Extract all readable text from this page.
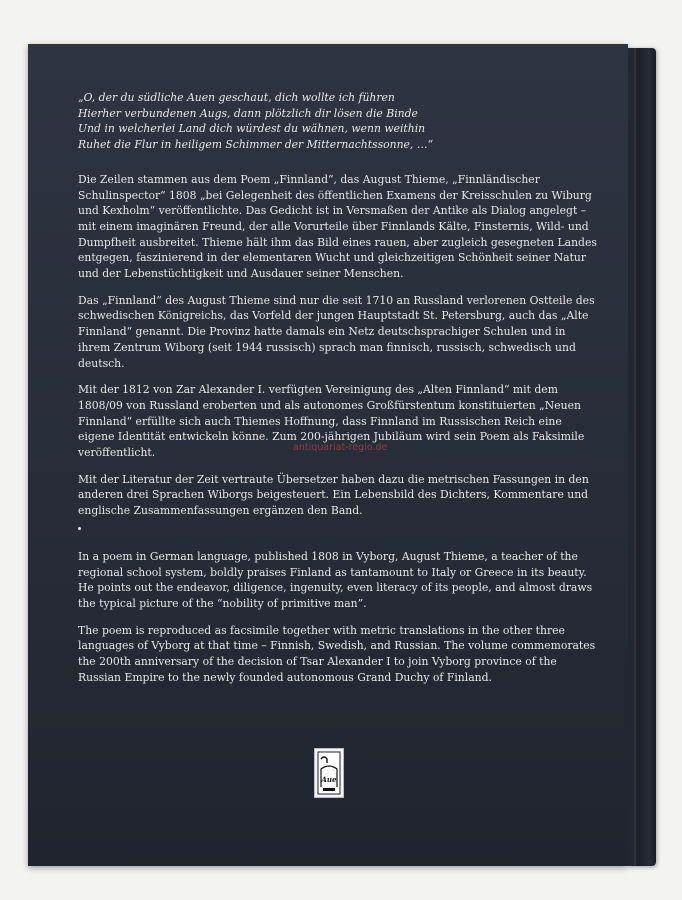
„O, der du südliche Auen geschaut, dich wollte ich führen
Hierher verbundenen Augs, dann plötzlich dir lösen die Binde
Und in welcherlei Land dich würdest du wähnen, wenn weithin
Ruhet die Flur in heiligem Schimmer der Mitternachtssonne, …“

Die Zeilen stammen aus dem Poem „Finnland“, das August Thieme, „Finnländischer Schulinspector“ 1808 „bei Gelegenheit des öffentlichen Examens der Kreisschulen zu Wiburg und Kexholm“ veröffentlichte. Das Gedicht ist in Versmaßen der Antike als Dialog angelegt – mit einem imaginären Freund, der alle Vorurteile über Finnlands Kälte, Finsternis, Wild- und Dumpfheit ausbreitet. Thieme hält ihm das Bild eines rauen, aber zugleich gesegneten Landes entgegen, faszinierend in der elementaren Wucht und gleichzeitigen Schönheit seiner Natur und der Lebenstüchtigkeit und Ausdauer seiner Menschen.

Das „Finnland“ des August Thieme sind nur die seit 1710 an Russland verlorenen Ostteile des schwedischen Königreichs, das Vorfeld der jungen Hauptstadt St. Petersburg, auch das „Alte Finnland“ genannt. Die Provinz hatte damals ein Netz deutschsprachiger Schulen und in ihrem Zentrum Wiborg (seit 1944 russisch) sprach man finnisch, russisch, schwedisch und deutsch.

Mit der 1812 von Zar Alexander I. verfügten Vereinigung des „Alten Finnland“ mit dem 1808/09 von Russland eroberten und als autonomes Großfürstentum konstituierten „Neuen Finnland“ erfüllte sich auch Thiemes Hoffnung, dass Finnland im Russischen Reich eine eigene Identität entwickeln könne. Zum 200-jährigen Jubiläum wird sein Poem als Faksimile veröffentlicht.

Mit der Literatur der Zeit vertraute Übersetzer haben dazu die metrischen Fassungen in den anderen drei Sprachen Wiborgs beigesteuert. Ein Lebensbild des Dichters, Kommentare und englische Zusammenfassungen ergänzen den Band.

In a poem in German language, published 1808 in Vyborg, August Thieme, a teacher of the regional school system, boldly praises Finland as tantamount to Italy or Greece in its beauty. He points out the endeavor, diligence, ingenuity, even literacy of its people, and almost draws the typical picture of the “nobility of primitive man”.

The poem is reproduced as facsimile together with metric translations in the other three languages of Vyborg at that time – Finnish, Swedish, and Russian. The volume commemorates the 200th anniversary of the decision of Tsar Alexander I to join Vyborg province of the Russian Empire to the newly founded autonomous Grand Duchy of Finland.

antiquariat-regio.de
Aue
